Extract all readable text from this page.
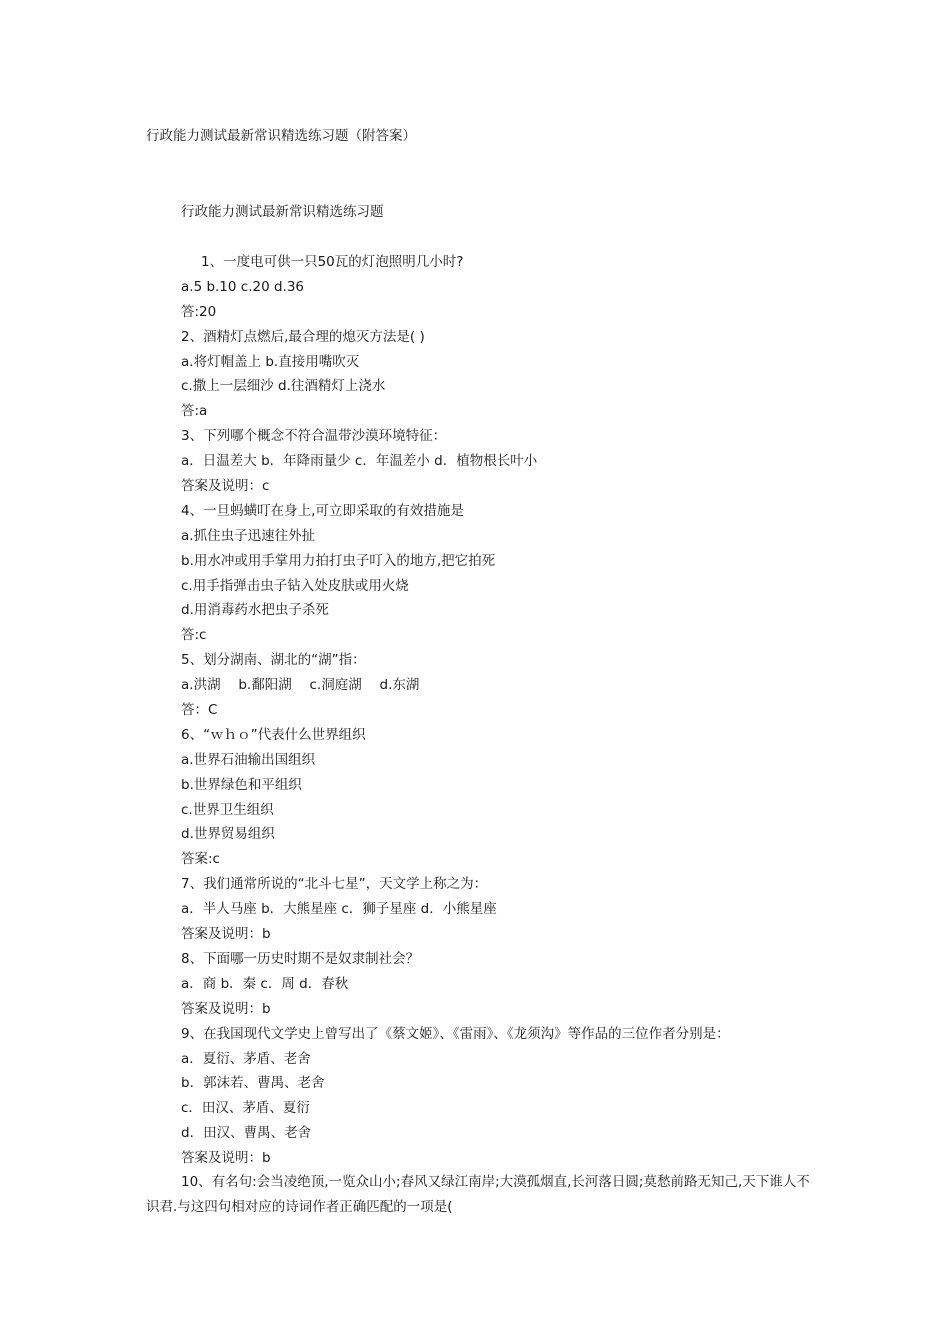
行政能力测试最新常识精选练习题（附答案）
行政能力测试最新常识精选练习题
1、一度电可供一只50瓦的灯泡照明几小时?
a.5 b.10 c.20 d.36
答:20
2、酒精灯点燃后,最合理的熄灭方法是( )
a.将灯帽盖上 b.直接用嘴吹灭
c.撒上一层细沙 d.往酒精灯上浇水
答:a
3、下列哪个概念不符合温带沙漠环境特征：
a．日温差大 b．年降雨量少 c．年温差小 d．植物根长叶小
答案及说明：c
4、一旦蚂蟥叮在身上,可立即采取的有效措施是
a.抓住虫子迅速往外扯
b.用水冲或用手掌用力拍打虫子叮入的地方,把它拍死
c.用手指弹击虫子钻入处皮肤或用火烧
d.用消毒药水把虫子杀死
答:c
5、划分湖南、湖北的“湖”指：
a.洪湖　 b.鄱阳湖　 c.洞庭湖　 d.东湖
答：C
6、“ｗｈｏ”代表什么世界组织
a.世界石油输出国组织
b.世界绿色和平组织
c.世界卫生组织
d.世界贸易组织
答案:c
7、我们通常所说的“北斗七星”，天文学上称之为：
a．半人马座 b．大熊星座 c．狮子星座 d．小熊星座
答案及说明：b
8、下面哪一历史时期不是奴隶制社会？
a．商 b．秦 c．周 d．春秋
答案及说明：b
9、在我国现代文学史上曾写出了《蔡文姬》、《雷雨》、《龙须沟》等作品的三位作者分别是：
a．夏衍、茅盾、老舍
b．郭沫若、曹禺、老舍
c．田汉、茅盾、夏衍
d．田汉、曹禺、老舍
答案及说明：b
10、有名句:会当凌绝顶,一览众山小;春风又绿江南岸;大漠孤烟直,长河落日圆;莫愁前路无知己,天下谁人不识君.与这四句相对应的诗词作者正确匹配的一项是(
